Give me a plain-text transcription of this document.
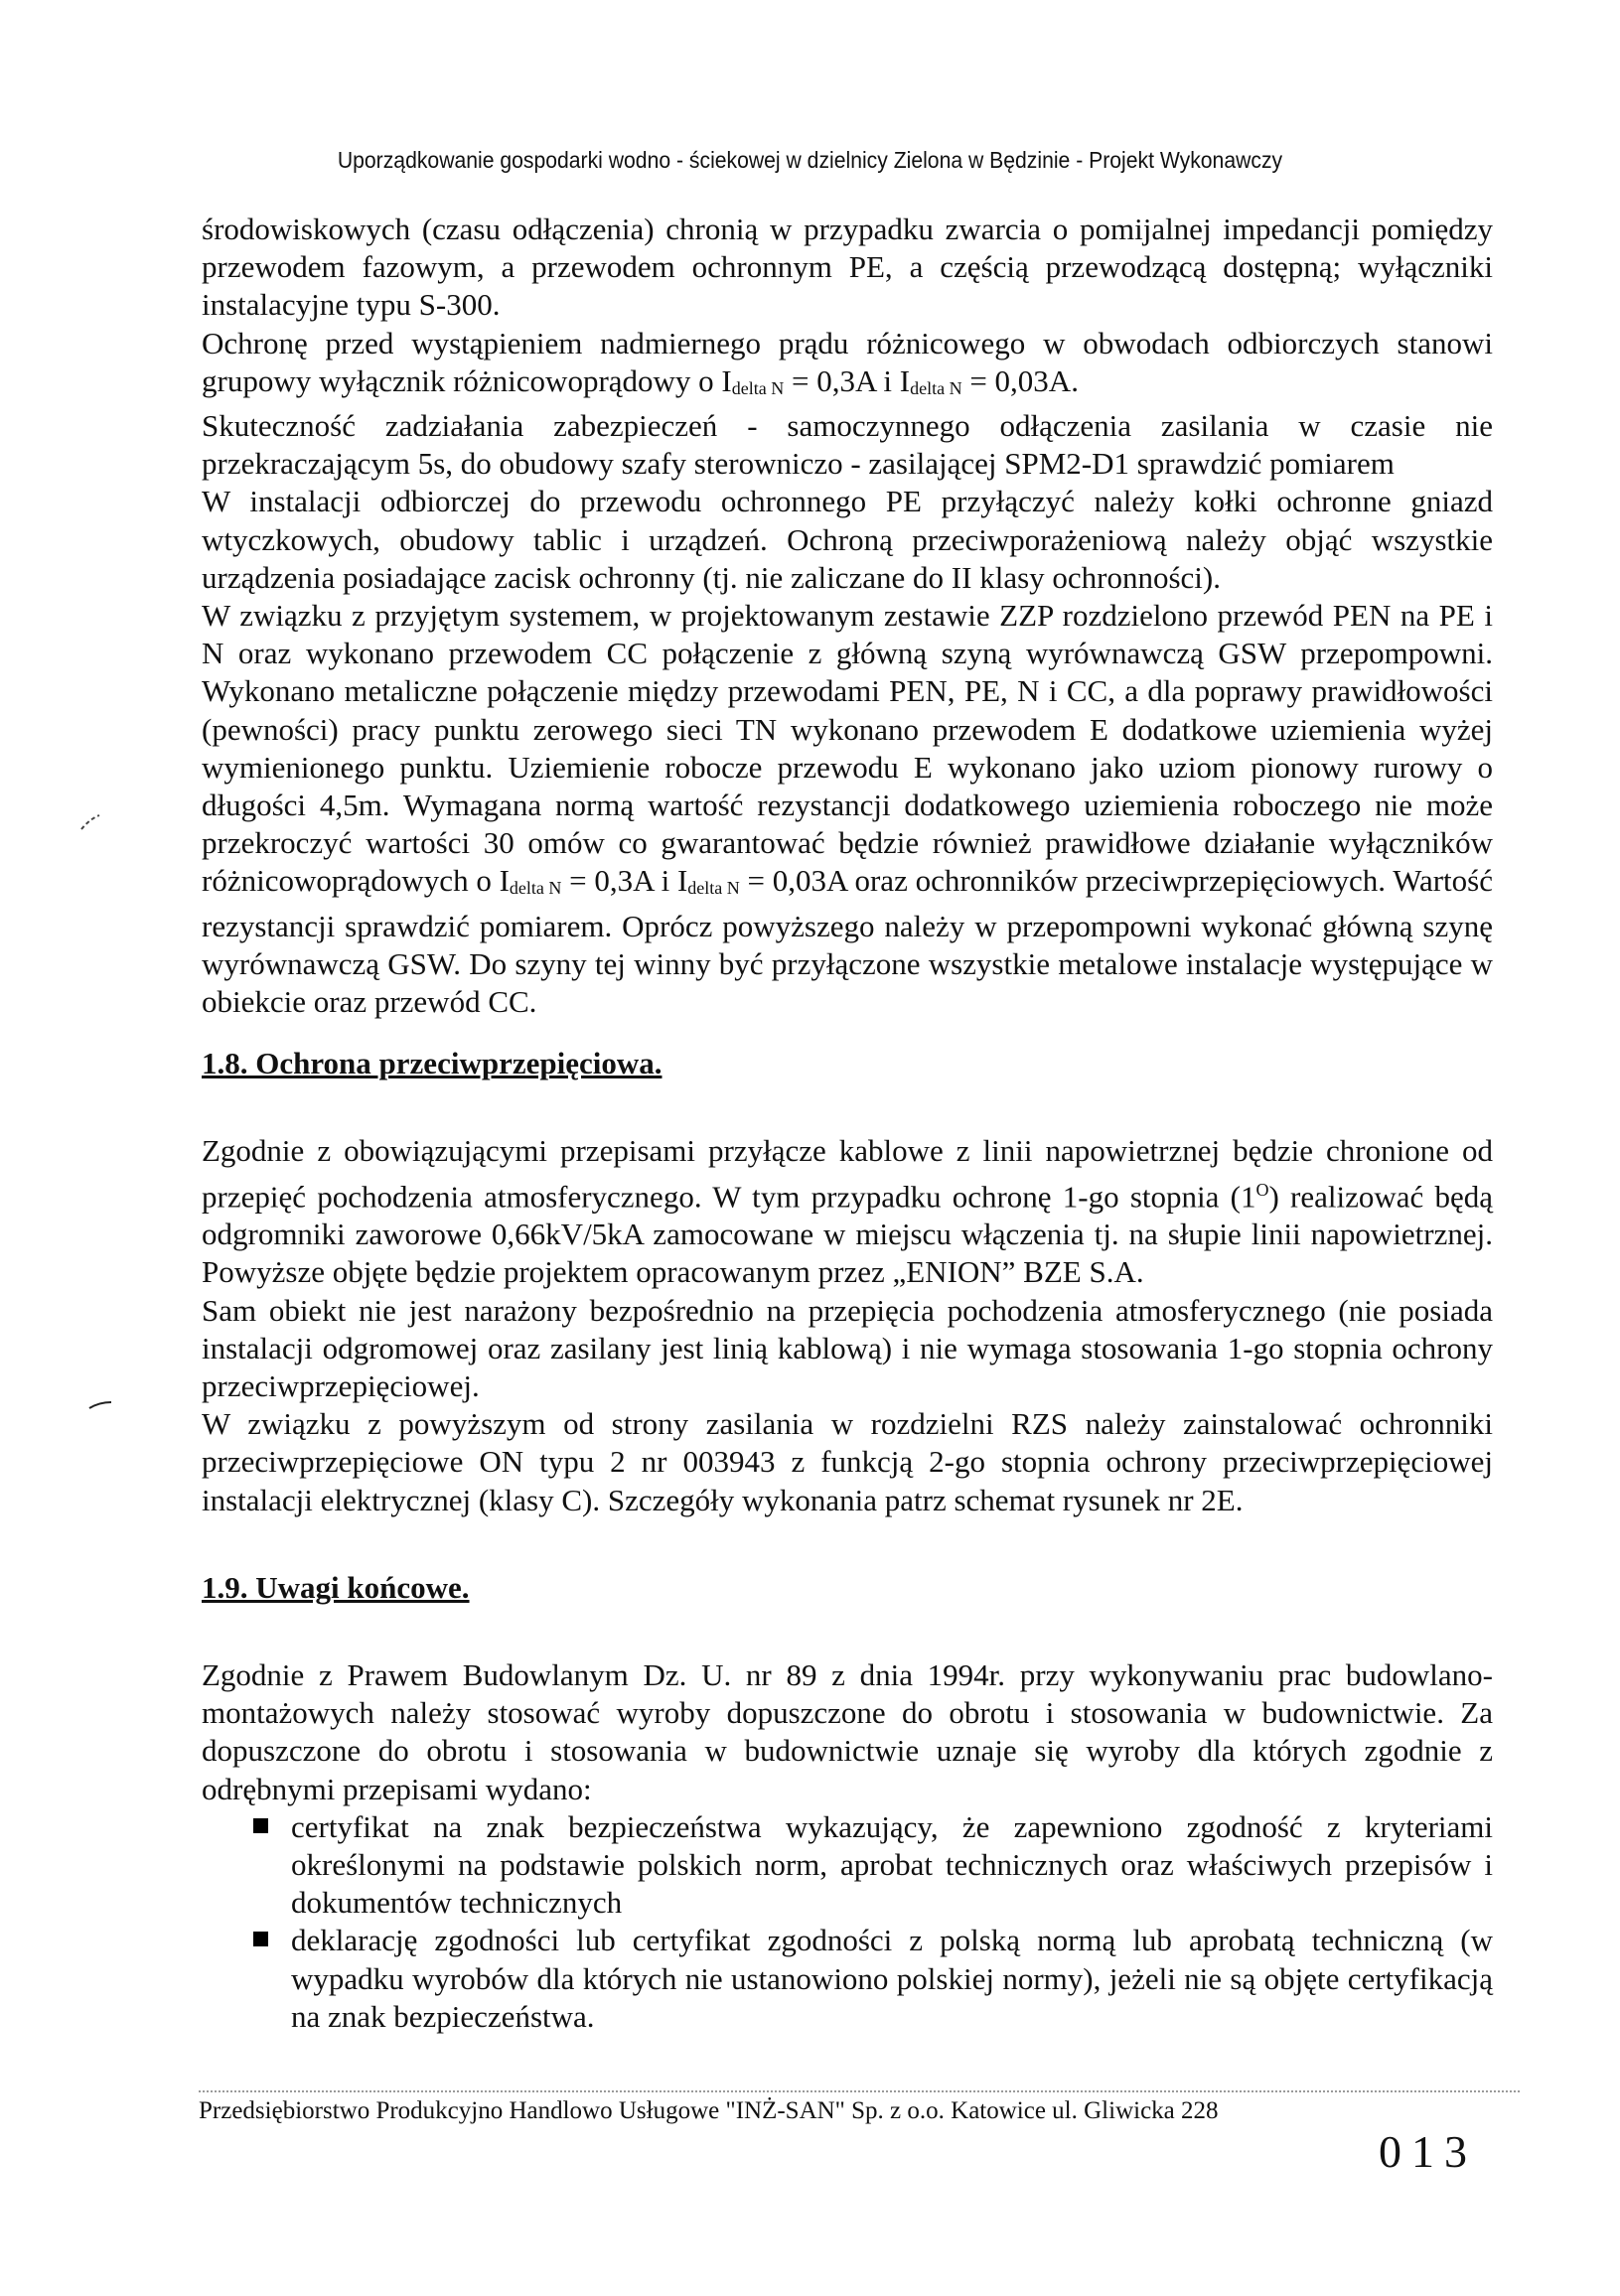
Uporządkowanie gospodarki wodno - ściekowej w dzielnicy Zielona w Będzinie - Projekt Wykonawczy

środowiskowych (czasu odłączenia) chronią w przypadku zwarcia o pomijalnej impedancji pomiędzy przewodem fazowym, a przewodem ochronnym PE, a częścią przewodzącą dostępną; wyłączniki instalacyjne typu S-300.

Ochronę przed wystąpieniem nadmiernego prądu różnicowego w obwodach odbiorczych stanowi grupowy wyłącznik różnicowoprądowy o $I_{delta N} = 0,3A$ i $I_{delta N} = 0,03A$.

Skuteczność zadziałania zabezpieczeń - samoczynnego odłączenia zasilania w czasie nie przekraczającym 5s, do obudowy szafy sterowniczo - zasilającej SPM2-D1 sprawdzić pomiarem

W instalacji odbiorczej do przewodu ochronnego PE przyłączyć należy kołki ochronne gniazd wtyczkowych, obudowy tablic i urządzeń. Ochroną przeciwporażeniową należy objąć wszystkie urządzenia posiadające zacisk ochronny (tj. nie zaliczane do II klasy ochronności).

W związku z przyjętym systemem, w projektowanym zestawie ZZP rozdzielono przewód PEN na PE i N oraz wykonano przewodem CC połączenie z główną szyną wyrównawczą GSW przepompowni. Wykonano metaliczne połączenie między przewodami PEN, PE, N i CC, a dla poprawy prawidłowości (pewności) pracy punktu zerowego sieci TN wykonano przewodem E dodatkowe uziemienia wyżej wymienionego punktu. Uziemienie robocze przewodu E wykonano jako uziom pionowy rurowy o długości 4,5m. Wymagana normą wartość rezystancji dodatkowego uziemienia roboczego nie może przekroczyć wartości 30 omów co gwarantować będzie również prawidłowe działanie wyłączników różnicowoprądowych o $I_{delta N} = 0,3A$ i $I_{delta N} = 0,03A$ oraz ochronników przeciwprzepięciowych. Wartość rezystancji sprawdzić pomiarem. Oprócz powyższego należy w przepompowni wykonać główną szynę wyrównawczą GSW. Do szyny tej winny być przyłączone wszystkie metalowe instalacje występujące w obiekcie oraz przewód CC.

1.8. Ochrona przeciwprzepięciowa.

Zgodnie z obowiązującymi przepisami przyłącze kablowe z linii napowietrznej będzie chronione od przepięć pochodzenia atmosferycznego. W tym przypadku ochronę 1-go stopnia $(1^O)$ realizować będą odgromniki zaworowe 0,66kV/5kA zamocowane w miejscu włączenia tj. na słupie linii napowietrznej. Powyższe objęte będzie projektem opracowanym przez „ENION” BZE S.A.

Sam obiekt nie jest narażony bezpośrednio na przepięcia pochodzenia atmosferycznego (nie posiada instalacji odgromowej oraz zasilany jest linią kablową) i nie wymaga stosowania 1-go stopnia ochrony przeciwprzepięciowej.

W związku z powyższym od strony zasilania w rozdzielni RZS należy zainstalować ochronniki przeciwprzepięciowe ON typu 2 nr 003943 z funkcją 2-go stopnia ochrony przeciwprzepięciowej instalacji elektrycznej (klasy C). Szczegóły wykonania patrz schemat rysunek nr 2E.

1.9. Uwagi końcowe.

Zgodnie z Prawem Budowlanym Dz. U. nr 89 z dnia 1994r. przy wykonywaniu prac budowlano-montażowych należy stosować wyroby dopuszczone do obrotu i stosowania w budownictwie. Za dopuszczone do obrotu i stosowania w budownictwie uznaje się wyroby dla których zgodnie z odrębnymi przepisami wydano:

certyfikat na znak bezpieczeństwa wykazujący, że zapewniono zgodność z kryteriami określonymi na podstawie polskich norm, aprobat technicznych oraz właściwych przepisów i dokumentów technicznych
deklarację zgodności lub certyfikat zgodności z polską normą lub aprobatą techniczną (w wypadku wyrobów dla których nie ustanowiono polskiej normy), jeżeli nie są objęte certyfikacją na znak bezpieczeństwa.
Przedsiębiorstwo Produkcyjno Handlowo Usługowe "INŻ-SAN" Sp. z o.o. Katowice ul. Gliwicka 228
013
